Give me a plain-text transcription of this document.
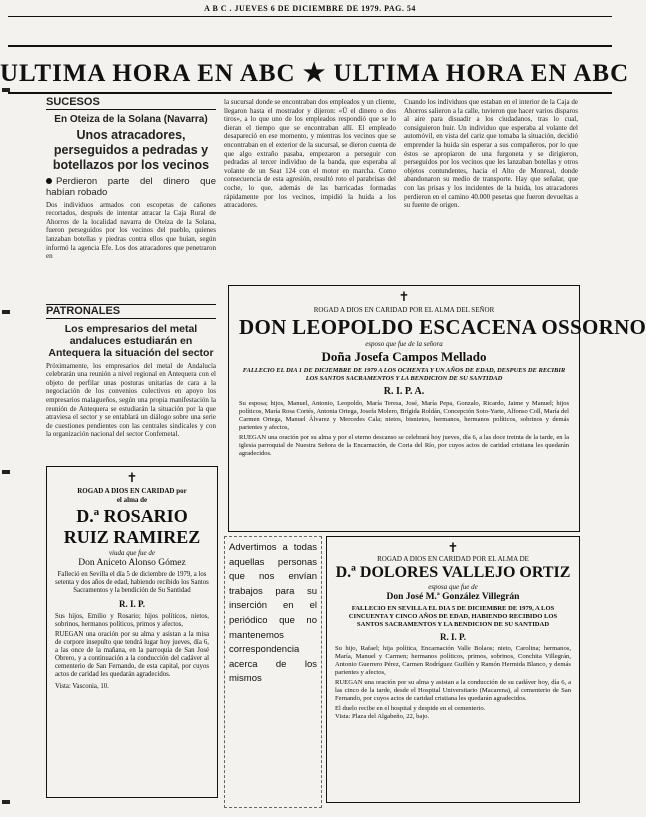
A B C . JUEVES 6 DE DICIEMBRE DE 1979. PAG. 54
ULTIMA HORA EN ABC ★ ULTIMA HORA EN ABC
SUCESOS
En Oteiza de la Solana (Navarra)
Unos atracadores, perseguidos a pedradas y botellazos por los vecinos
Perdieron parte del dinero que habían robado

Dos individuos armados con escopetas de cañones recortados, después de intentar atracar la Caja Rural de Ahorros de la localidad navarra de Oteiza de la Solana, fueron perseguidos por los vecinos del pueblo, quienes lanzaban botellas y piedras contra ellos que huían, según informó la agencia Efe. Los dos atracadores que penetraron en

la sucursal donde se encontraban dos empleados y un cliente, llegaron hasta el mostrador y dijeron: «Ü el dinero o dos tiros», a lo que uno de los empleados respondió que se lo dieran el tiempo que se encontraban allí. El empleado desapareció en ese momento, y mientras los vecinos que se encontraban en el exterior de la sucursal, se dieron cuenta de que algo extraño pasaba, empezaron a perseguir con pedradas al tercer individuo de la banda, que esperaba al volante de un Seat 124 con el motor en marcha. Como consecuencia de esta agresión, resultó roto el parabrisas del coche, lo que, además de las barricadas formadas rápidamente por los vecinos, impidió la huida a los atracadores.

Cuando los individuos que estaban en el interior de la Caja de Ahorros salieron a la calle, tuvieron que hacer varios disparos al aire para disuadir a los ciudadanos, tras lo cual, consiguieron huir. Un individuo que esperaba al volante del automóvil, en vista del cariz que tomaba la situación, decidió emprender la huida sin esperar a sus compañeros, por lo que éstos se apropiaron de una furgoneta y se dirigieron, perseguidos por los vecinos que les lanzaban botellas y otros objetos contundentes, hacia el Alto de Monreal, donde abandonaron su medio de transporte. Hay que señalar, que con las prisas y los incidentes de la huida, los atracadores perdieron en el camino 40.000 pesetas que fueron devueltas a su fuente de origen.

PATRONALES
Los empresarios del metal andaluces estudiarán en Antequera la situación del sector

Próximamente, los empresarios del metal de Andalucía celebrarán una reunión a nivel regional en Antequera con el objeto de perfilar unas posturas unitarias de cara a la negociación de los convenios colectivos en apoyo los empresarios malagueños, según una propia manifestación la reunión de Antequera se estudiarán la situación por la que atraviesa el sector y se entablará un diálogo sobre una serie de cuestiones pendientes con las centrales sindicales y con la organización nacional del sector Confemetal.

✝
ROGAD A DIOS EN CARIDAD POR EL ALMA DEL SEÑOR
DON LEOPOLDO ESCACENA OSSORNO
esposo que fue de la señora
Doña Josefa Campos Mellado
FALLECIO EL DIA 1 DE DICIEMBRE DE 1979 A LOS OCHENTA Y UN AÑOS DE EDAD, DESPUES DE RECIBIR LOS SANTOS SACRAMENTOS Y LA BENDICION DE SU SANTIDAD
R. I. P. A.

Su esposa; hijos, Manuel, Antonio, Leopoldo, María Teresa, José, María Pepa, Gonzalo, Ricardo, Jaime y Manuel; hijos políticos, María Rosa Cortés, Antonia Ortega, Josefa Molero, Brígida Roldán, Concepción Soto-Yarte, Alfonso Coll, María del Carmen Ortega, Manuel Álvarez y Mercedes Cala; nietos, bisnietos, hermanos, hermanos políticos, sobrinos y demás parientes y afectos,

RUEGAN una oración por su alma y por el eterno descanso se celebrará hoy jueves, día 6, a las doce treinta de la tarde, en la iglesia parroquial de Nuestra Señora de la Encarnación, de Coria del Río, por cuyos actos de caridad cristiana les quedarán agradecidos.

✝
ROGAD A DIOS EN CARIDAD por el alma de
D.ª ROSARIO RUIZ RAMIREZ
viuda que fue de
Don Aniceto Alonso Gómez
Falleció en Sevilla el día 5 de diciembre de 1979, a los setenta y dos años de edad, habiendo recibido los Santos Sacramentos y la bendición de Su Santidad
R. I. P.

Sus hijos, Emilio y Rosario; hijos políticos, nietos, sobrinos, hermanos políticos, primos y afectos,

RUEGAN una oración por su alma y asistan a la misa de corpore insepulto que tendrá lugar hoy jueves, día 6, a las once de la mañana, en la parroquia de San José Obrero, y a continuación a la conducción del cadáver al cementerio de San Fernando, de esta capital, por cuyos actos de caridad les quedarán agradecidos.

Vista: Vasconia, 10.

Advertimos a todas aquellas personas que nos envían trabajos para su inserción en el periódico que no mantenemos correspondencia acerca de los mismos
✝
ROGAD A DIOS EN CARIDAD POR EL ALMA DE
D.ª DOLORES VALLEJO ORTIZ
esposa que fue de
Don José M.ª González Villegrán
FALLECIO EN SEVILLA EL DIA 5 DE DICIEMBRE DE 1979, A LOS CINCUENTA Y CINCO AÑOS DE EDAD, HABIENDO RECIBIDO LOS SANTOS SACRAMENTOS Y LA BENDICION DE SU SANTIDAD
R. I. P.

Su hijo, Rafael; hija política, Encarnación Valle Bolaos; nieto, Carolina; hermanos, María, Manuel y Carmen; hermanos políticos, primos, sobrinos, Conchita Villegrán, Antonio Guerrero Pérez, Carmen Rodríguez Guillén y Ramón Hermida Blanco, y demás parientes y afectos,

RUEGAN una oración por su alma y asistan a la conducción de su cadáver hoy, día 6, a las cinco de la tarde, desde el Hospital Universitario (Macarena), al cementerio de San Fernando, por cuyos actos de caridad cristiana les quedarán agradecidos.

El duelo recibe en el hospital y despide en el cementerio.

Vista: Plaza del Algabeño, 22, bajo.
